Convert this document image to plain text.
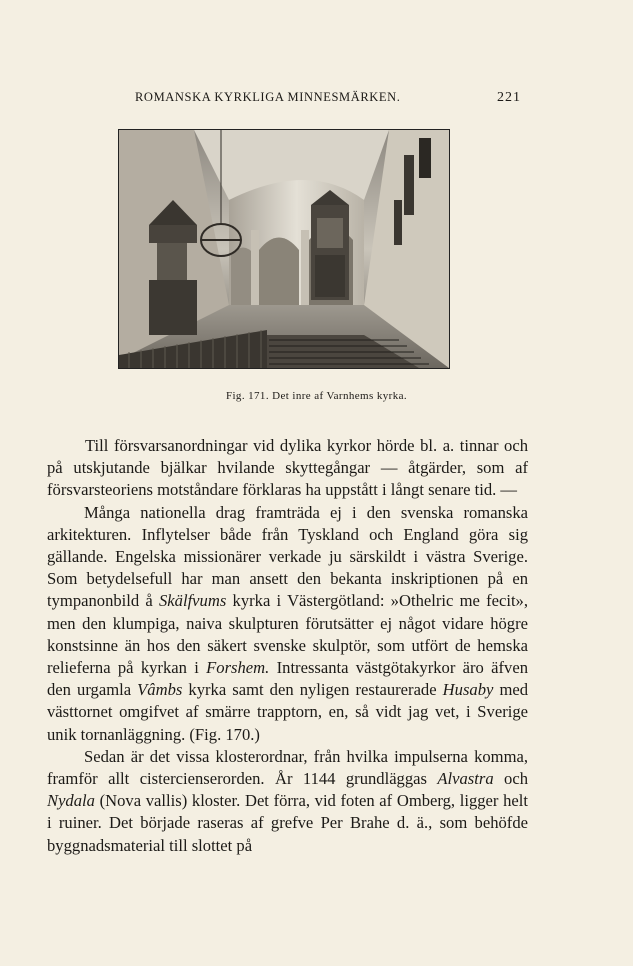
ROMANSKA KYRKLIGA MINNESMÄRKEN.	221
Fig. 171. Det inre af Varnhems kyrka.

Till försvarsanordningar vid dylika kyrkor hörde bl. a. tinnar och på utskjutande bjälkar hvilande skyttegångar — åtgärder, som af försvarsteoriens motståndare förklaras ha uppstått i långt senare tid. —

Många nationella drag framträda ej i den svenska romanska arkitekturen. Inflytelser både från Tyskland och England göra sig gällande. Engelska missionärer verkade ju särskildt i västra Sverige. Som betydelsefull har man ansett den bekanta inskriptionen på en tympanonbild å Skälfvums kyrka i Västergötland: »Othelric me fecit», men den klumpiga, naiva skulpturen förutsätter ej något vidare högre konstsinne än hos den säkert svenske skulptör, som utfört de hemska relieferna på kyrkan i Forshem. Intressanta västgötakyrkor äro äfven den urgamla Vâmbs kyrka samt den nyligen restaurerade Husaby med västtornet omgifvet af smärre trapptorn, en, så vidt jag vet, i Sverige unik tornanläggning. (Fig. 170.)

Sedan är det vissa klosterordnar, från hvilka impulserna komma, framför allt cistercienserorden. År 1144 grundläggas Alvastra och Nydala (Nova vallis) kloster. Det förra, vid foten af Omberg, ligger helt i ruiner. Det började raseras af grefve Per Brahe d. ä., som behöfde byggnadsmaterial till slottet på
